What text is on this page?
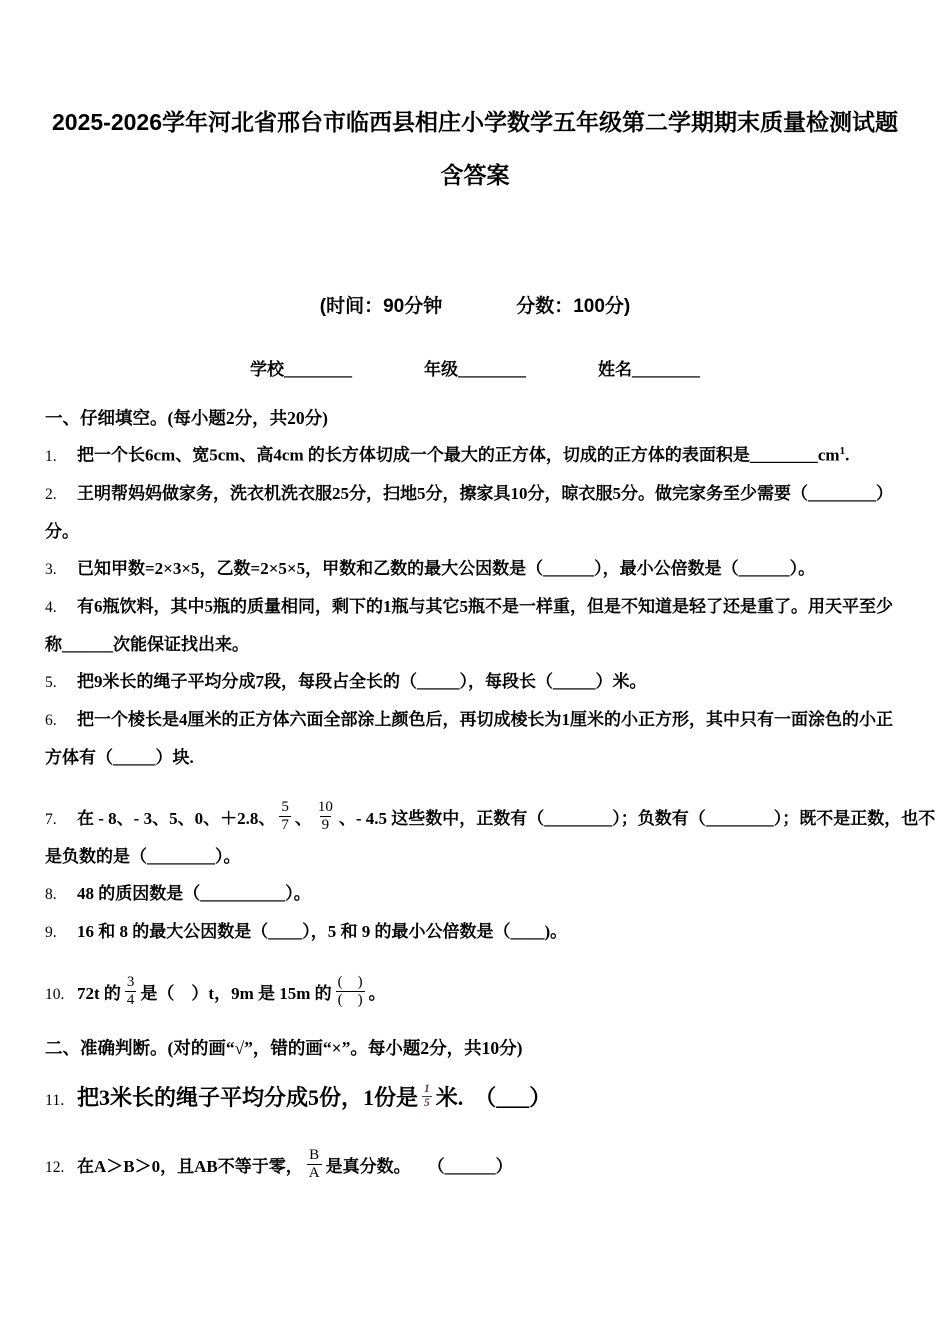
2025-2026学年河北省邢台市临西县相庄小学数学五年级第二学期期末质量检测试题
含答案
(时间：90分钟	分数：100分)
学校________	年级________	姓名________
一、仔细填空。(每小题2分，共20分)
1. 把一个长6cm、宽5cm、高4cm 的长方体切成一个最大的正方体，切成的正方体的表面积是$\_\_\_\_\_\_\_\_cm^1$.
2. 王明帮妈妈做家务，洗衣机洗衣服25分，扫地5分，擦家具10分，晾衣服5分。做完家务至少需要（________）
分。
3. 已知甲数=2×3×5，乙数=2×5×5，甲数和乙数的最大公因数是（______），最小公倍数是（______）。
4. 有6瓶饮料，其中5瓶的质量相同，剩下的1瓶与其它5瓶不是一样重，但是不知道是轻了还是重了。用天平至少
称______次能保证找出来。
5. 把9米长的绳子平均分成7段，每段占全长的（_____），每段长（_____）米。
6. 把一个棱长是4厘米的正方体六面全部涂上颜色后，再切成棱长为1厘米的小正方形，其中只有一面涂色的小正
方体有（_____）块.
7. 在 - 8、- 3、5、0、＋2.8、 $\frac{5}{7}$ 、 $\frac{10}{9}$ 、- 4.5 这些数中，正数有（________）；负数有（________）；既不是正数，也不
是负数的是（________）。
8. 48 的质因数是（__________）。
9. 16 和 8 的最大公因数是（____），5 和 9 的最小公倍数是（____)。
10. 72t 的 $\frac{3}{4}$ 是（　）t，9m 是 15m 的 $\frac{( )}{( )}$ 。
二、准确判断。(对的画“√”，错的画“×”。每小题2分，共10分)
11. 把3米长的绳子平均分成5份，1份是 $\frac{1}{5}$ 米.　（___）
12. 在A＞B＞0，且AB不等于零， $\frac{B}{A}$ 是真分数。　　（______）
